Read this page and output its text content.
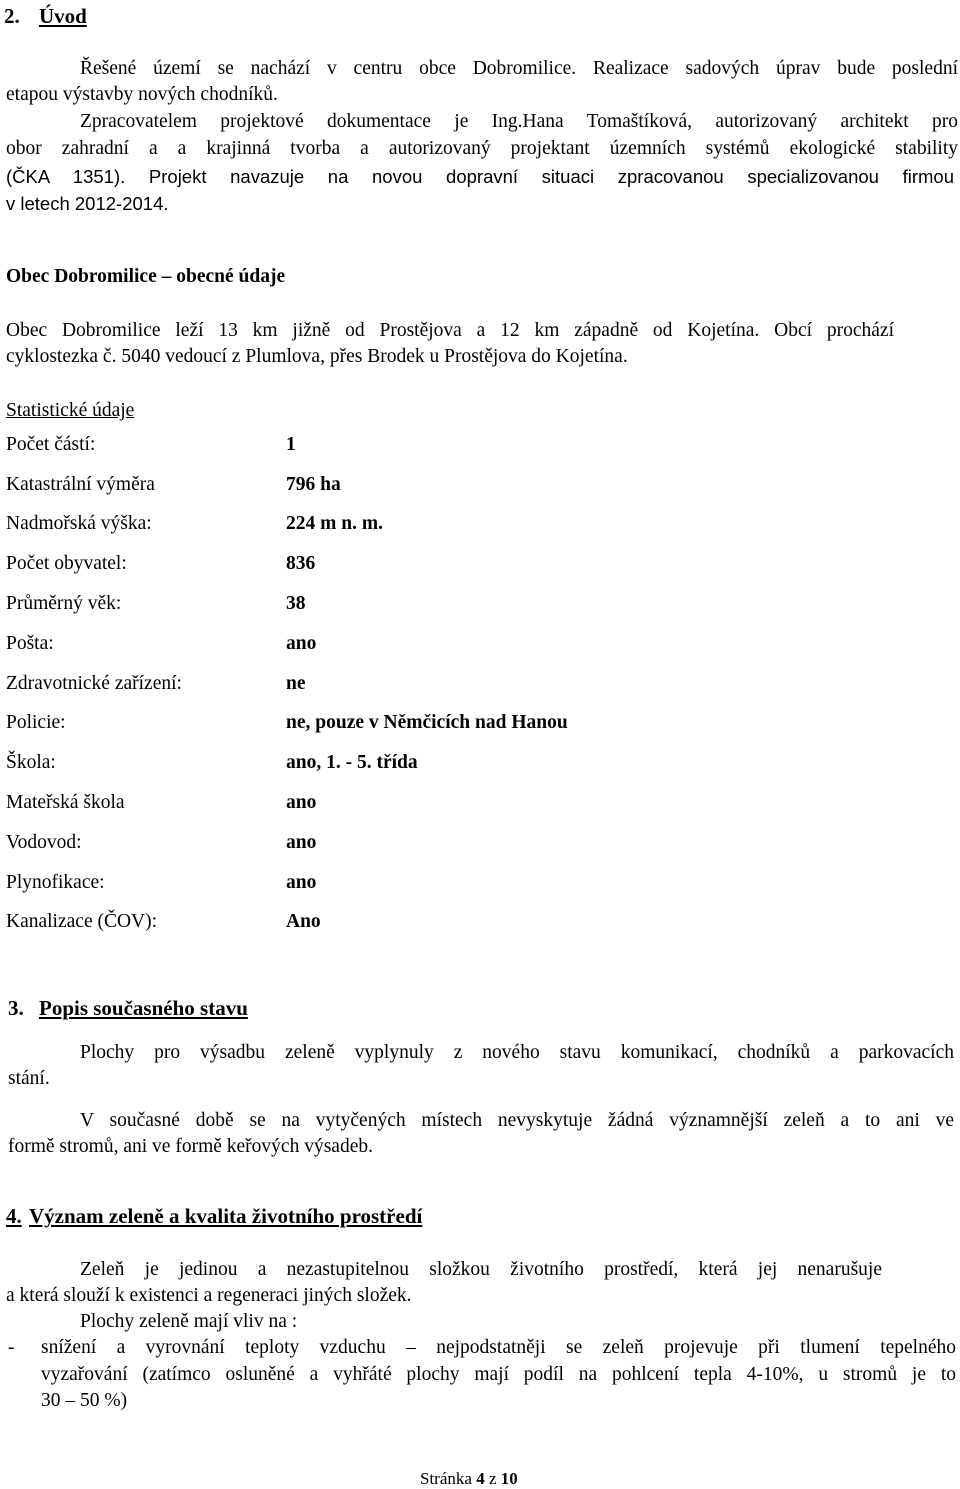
2. Úvod
Řešené území se nachází v centru obce Dobromilice. Realizace sadových úprav bude poslední
etapou výstavby nových chodníků.
Zpracovatelem projektové dokumentace je Ing.Hana Tomaštíková, autorizovaný architekt pro
obor zahradní a a krajinná tvorba a autorizovaný projektant územních systémů ekologické stability
(ČKA 1351). Projekt navazuje na novou dopravní situaci zpracovanou specializovanou firmou
v letech 2012-2014.
Obec Dobromilice – obecné údaje
Obec Dobromilice leží 13 km jižně od Prostějova a 12 km západně od Kojetína. Obcí prochází
cyklostezka č. 5040 vedoucí z Plumlova, přes Brodek u Prostějova do Kojetína.
Statistické údaje
Počet částí:	1
Katastrální výměra	796 ha
Nadmořská výška:	224 m n. m.
Počet obyvatel:	836
Průměrný věk:	38
Pošta:	ano
Zdravotnické zařízení:	ne
Policie:	ne, pouze v Němčicích nad Hanou
Škola:	ano, 1. - 5. třída
Mateřská škola	ano
Vodovod:	ano
Plynofikace:	ano
Kanalizace (ČOV):	Ano
3. Popis současného stavu
Plochy pro výsadbu zeleně vyplynuly z nového stavu komunikací, chodníků a parkovacích
stání.
V současné době se na vytyčených místech nevyskytuje žádná významnější zeleň a to ani ve
formě stromů, ani ve formě keřových výsadeb.
4. Význam zeleně a kvalita životního prostředí
Zeleň je jedinou a nezastupitelnou složkou životního prostředí, která jej nenarušuje
a která slouží k existenci a regeneraci jiných složek.
Plochy zeleně mají vliv na :
- snížení a vyrovnání teploty vzduchu – nejpodstatněji se zeleň projevuje při tlumení tepelného
vyzařování (zatímco osluněné a vyhřáté plochy mají podíl na pohlcení tepla 4-10%, u stromů je to
30 – 50 %)
Stránka 4 z 10
